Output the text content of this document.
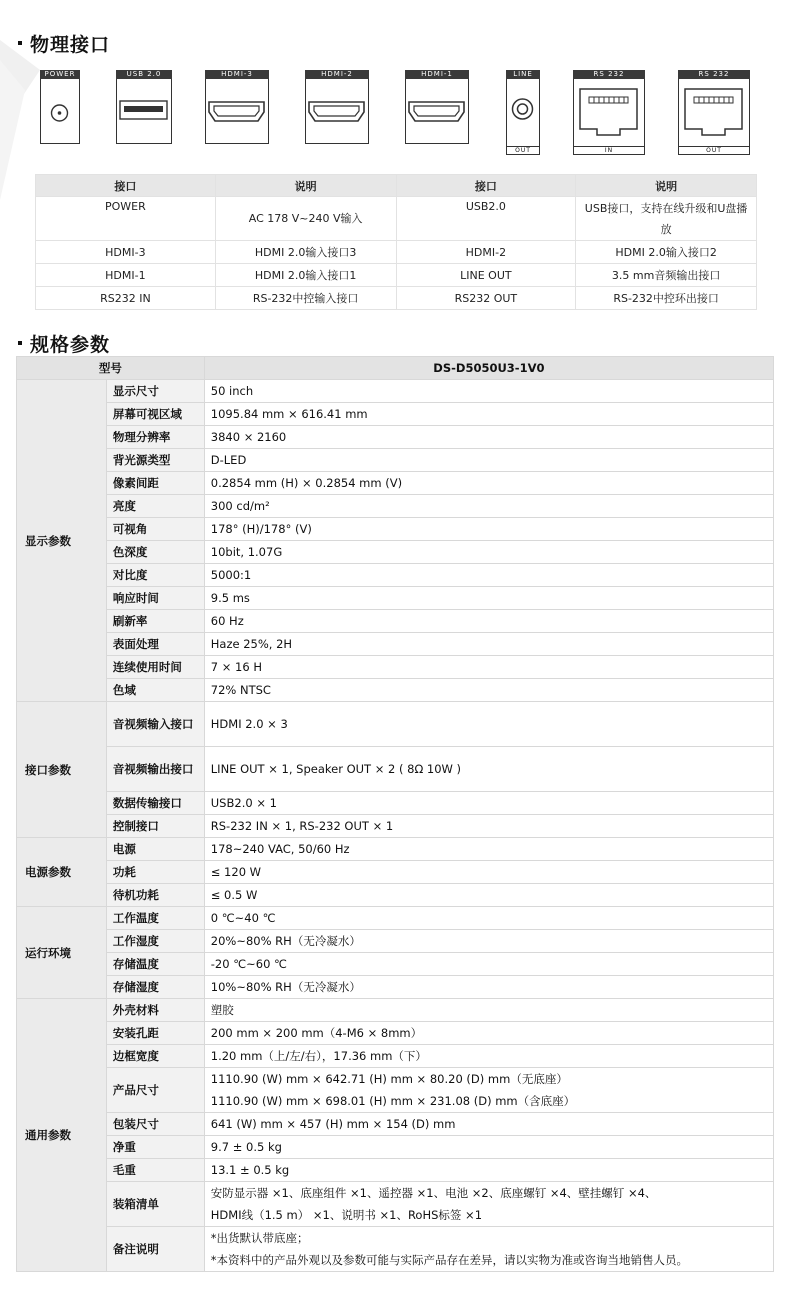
物理接口
POWER	USB 2.0	HDMI-3	HDMI-2	HDMI-1	LINE
OUT
RS 232
IN
RS 232
OUT
接口	说明	接口	说明
POWER	AC 178 V~240 V输入	USB2.0	USB接口，支持在线升级和U盘播放
HDMI-3	HDMI 2.0输入接口3	HDMI-2	HDMI 2.0输入接口2
HDMI-1	HDMI 2.0输入接口1	LINE OUT	3.5 mm音频输出接口
RS232 IN	RS-232中控输入接口	RS232 OUT	RS-232中控环出接口
规格参数
型号		DS-D5050U3-1V0
显示参数	显示尺寸	50 inch
	屏幕可视区域	1095.84 mm × 616.41 mm
	物理分辨率	3840 × 2160
	背光源类型	D-LED
	像素间距	0.2854 mm (H) × 0.2854 mm (V)
	亮度	300 cd/m²
	可视角	178° (H)/178° (V)
	色深度	10bit, 1.07G
	对比度	5000:1
	响应时间	9.5 ms
	刷新率	60 Hz
	表面处理	Haze 25%, 2H
	连续使用时间	7 × 16 H
	色域	72% NTSC
接口参数	音视频输入接口	HDMI 2.0 × 3
	音视频输出接口	LINE OUT × 1, Speaker OUT × 2 ( 8Ω 10W )
	数据传输接口	USB2.0 × 1
	控制接口	RS-232 IN × 1, RS-232 OUT × 1
电源参数	电源	178~240 VAC, 50/60 Hz
	功耗	≤ 120 W
	待机功耗	≤ 0.5 W
运行环境	工作温度	0 ℃~40 ℃
	工作湿度	20%~80% RH（无冷凝水）
	存储温度	-20 ℃~60 ℃
	存储湿度	10%~80% RH（无冷凝水）
通用参数	外壳材料	塑胶
	安装孔距	200 mm × 200 mm（4-M6 × 8mm）
	边框宽度	1.20 mm（上/左/右），17.36 mm（下）
	产品尺寸	1110.90 (W) mm × 642.71 (H) mm × 80.20 (D) mm（无底座）
1110.90 (W) mm × 698.01 (H) mm × 231.08 (D) mm（含底座）

	包装尺寸	641 (W) mm × 457 (H) mm × 154 (D) mm
	净重	9.7 ± 0.5 kg
	毛重	13.1 ± 0.5 kg
	装箱清单	安防显示器 ×1、底座组件 ×1、遥控器 ×1、电池 ×2、底座螺钉 ×4、壁挂螺钉 ×4、
HDMI线（1.5 m） ×1、说明书 ×1、RoHS标签 ×1

	备注说明	*出货默认带底座；
*本资料中的产品外观以及参数可能与实际产品存在差异，请以实物为准或咨询当地销售人员。
